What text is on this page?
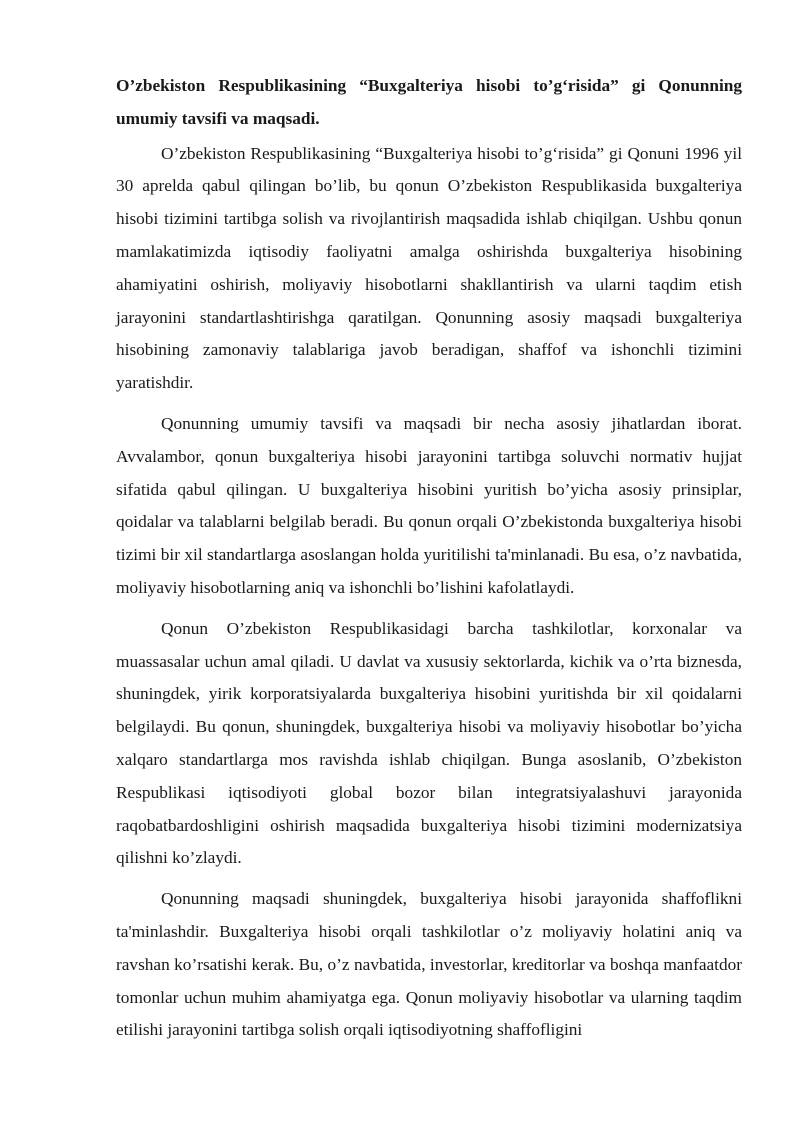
O’zbekiston Respublikasining “Buxgalteriya hisobi to’g‘risida” gi Qonunning umumiy tavsifi va maqsadi.

O’zbekiston Respublikasining “Buxgalteriya hisobi to’g‘risida” gi Qonuni 1996 yil 30 aprelda qabul qilingan bo’lib, bu qonun O’zbekiston Respublikasida buxgalteriya hisobi tizimini tartibga solish va rivojlantirish maqsadida ishlab chiqilgan. Ushbu qonun mamlakatimizda iqtisodiy faoliyatni amalga oshirishda buxgalteriya hisobining ahamiyatini oshirish, moliyaviy hisobotlarni shakllantirish va ularni taqdim etish jarayonini standartlashtirishga qaratilgan. Qonunning asosiy maqsadi buxgalteriya hisobining zamonaviy talablariga javob beradigan, shaffof va ishonchli tizimini yaratishdir.

Qonunning umumiy tavsifi va maqsadi bir necha asosiy jihatlardan iborat. Avvalambor, qonun buxgalteriya hisobi jarayonini tartibga soluvchi normativ hujjat sifatida qabul qilingan. U buxgalteriya hisobini yuritish bo’yicha asosiy prinsiplar, qoidalar va talablarni belgilab beradi. Bu qonun orqali O’zbekistonda buxgalteriya hisobi tizimi bir xil standartlarga asoslangan holda yuritilishi ta'minlanadi. Bu esa, o’z navbatida, moliyaviy hisobotlarning aniq va ishonchli bo’lishini kafolatlaydi.

Qonun O’zbekiston Respublikasidagi barcha tashkilotlar, korxonalar va muassasalar uchun amal qiladi. U davlat va xususiy sektorlarda, kichik va o’rta biznesda, shuningdek, yirik korporatsiyalarda buxgalteriya hisobini yuritishda bir xil qoidalarni belgilaydi. Bu qonun, shuningdek, buxgalteriya hisobi va moliyaviy hisobotlar bo’yicha xalqaro standartlarga mos ravishda ishlab chiqilgan. Bunga asoslanib, O’zbekiston Respublikasi iqtisodiyoti global bozor bilan integratsiyalashuvi jarayonida raqobatbardoshligini oshirish maqsadida buxgalteriya hisobi tizimini modernizatsiya qilishni ko’zlaydi.

Qonunning maqsadi shuningdek, buxgalteriya hisobi jarayonida shaffoflikni ta'minlashdir. Buxgalteriya hisobi orqali tashkilotlar o’z moliyaviy holatini aniq va ravshan ko’rsatishi kerak. Bu, o’z navbatida, investorlar, kreditorlar va boshqa manfaatdor tomonlar uchun muhim ahamiyatga ega. Qonun moliyaviy hisobotlar va ularning taqdim etilishi jarayonini tartibga solish orqali iqtisodiyotning shaffofligini
